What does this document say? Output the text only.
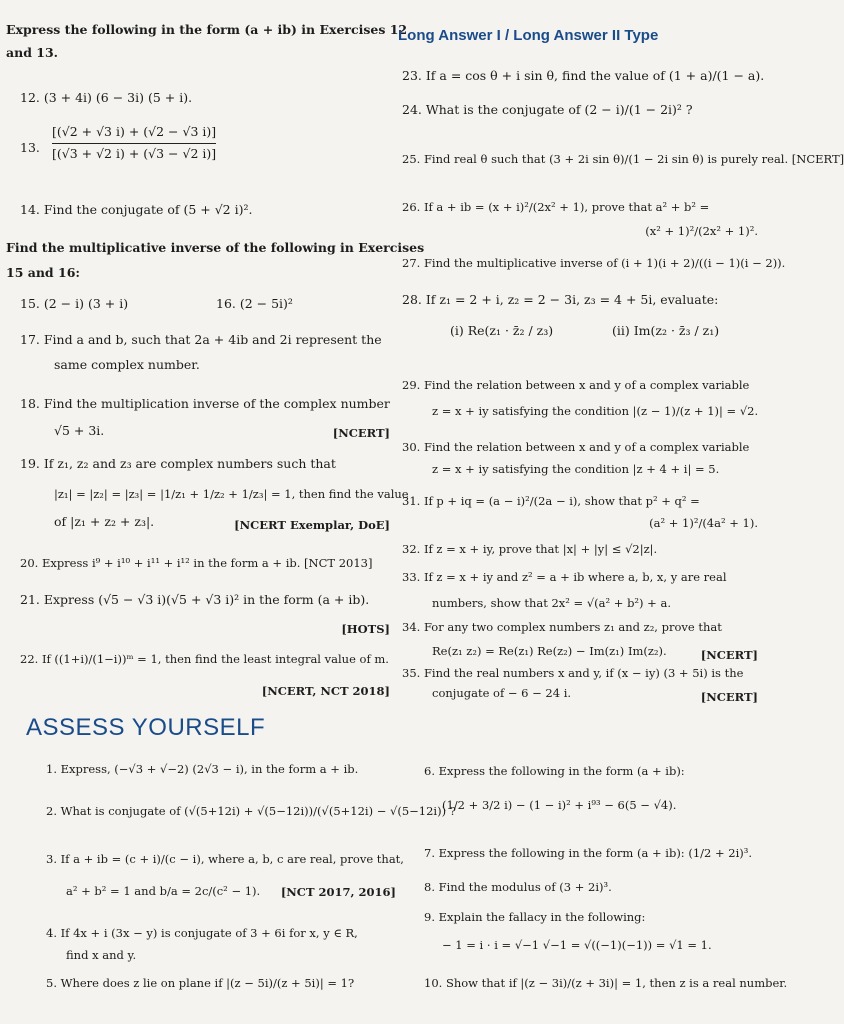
Express the following in the form (a + ib) in Exercises 12
and 13.
12. (3 + 4i) (6 − 3i) (5 + i).
13. $\frac{[(√2 + √3 i) + (√2 - √3 i)]}{[(√3 + √2 i) + (√3 - √2 i)]}$
14. Find the conjugate of (5 + √2 i)².
Find the multiplicative inverse of the following in Exercises
15 and 16:
15. (2 − i) (3 + i)	16. (2 − 5i)²
17. Find a and b, such that 2a + 4ib and 2i represent the
same complex number.
18. Find the multiplication inverse of the complex number
√5 + 3i.	[NCERT]
19. If z₁, z₂ and z₃ are complex numbers such that
|z₁| = |z₂| = |z₃| = |1/z₁ + 1/z₂ + 1/z₃| = 1, then find the value
of |z₁ + z₂ + z₃|.	[NCERT Exemplar, DoE]
20. Express i⁹ + i¹⁰ + i¹¹ + i¹² in the form a + ib. [NCT 2013]
21. Express (√5 − √3 i)(√5 + √3 i)² in the form (a + ib).
[HOTS]
22. If ((1+i)/(1−i))ᵐ = 1, then find the least integral value of m.
[NCERT, NCT 2018]
Long Answer I / Long Answer II Type
23. If a = cos θ + i sin θ, find the value of (1 + a)/(1 − a).
24. What is the conjugate of (2 − i)/(1 − 2i)² ?
25. Find real θ such that (3 + 2i sin θ)/(1 − 2i sin θ) is purely real. [NCERT]
26. If a + ib = (x + i)²/(2x² + 1), prove that a² + b² =
(x² + 1)²/(2x² + 1)².
27. Find the multiplicative inverse of (i + 1)(i + 2)/((i − 1)(i − 2)).
28. If z₁ = 2 + i, z₂ = 2 − 3i, z₃ = 4 + 5i, evaluate:
(i) Re(z₁ · z̄₂ / z₃)	(ii) Im(z₂ · z̄₃ / z₁)
29. Find the relation between x and y of a complex variable
z = x + iy satisfying the condition |(z − 1)/(z + 1)| = √2.
30. Find the relation between x and y of a complex variable
z = x + iy satisfying the condition |z + 4 + i| = 5.
31. If p + iq = (a − i)²/(2a − i), show that p² + q² =
(a² + 1)²/(4a² + 1).
32. If z = x + iy, prove that |x| + |y| ≤ √2|z|.
33. If z = x + iy and z² = a + ib where a, b, x, y are real
numbers, show that 2x² = √(a² + b²) + a.
34. For any two complex numbers z₁ and z₂, prove that
Re(z₁ z₂) = Re(z₁) Re(z₂) − Im(z₁) Im(z₂).	[NCERT]
35. Find the real numbers x and y, if (x − iy) (3 + 5i) is the
conjugate of − 6 − 24 i.	[NCERT]
ASSESS YOURSELF
1. Express, (−√3 + √−2) (2√3 − i), in the form a + ib.
2. What is conjugate of (√(5+12i) + √(5−12i))/(√(5+12i) − √(5−12i)) ?
3. If a + ib = (c + i)/(c − i), where a, b, c are real, prove that,
a² + b² = 1 and b/a = 2c/(c² − 1).	[NCT 2017, 2016]
4. If 4x + i (3x − y) is conjugate of 3 + 6i for x, y ∈ R,
find x and y.
5. Where does z lie on plane if |(z − 5i)/(z + 5i)| = 1?
6. Express the following in the form (a + ib):
(1/2 + 3/2 i) − (1 − i)² + i⁹³ − 6(5 − √4).
7. Express the following in the form (a + ib): (1/2 + 2i)³.
8. Find the modulus of (3 + 2i)³.
9. Explain the fallacy in the following:
− 1 = i · i = √−1 √−1 = √((−1)(−1)) = √1 = 1.
10. Show that if |(z − 3i)/(z + 3i)| = 1, then z is a real number.
